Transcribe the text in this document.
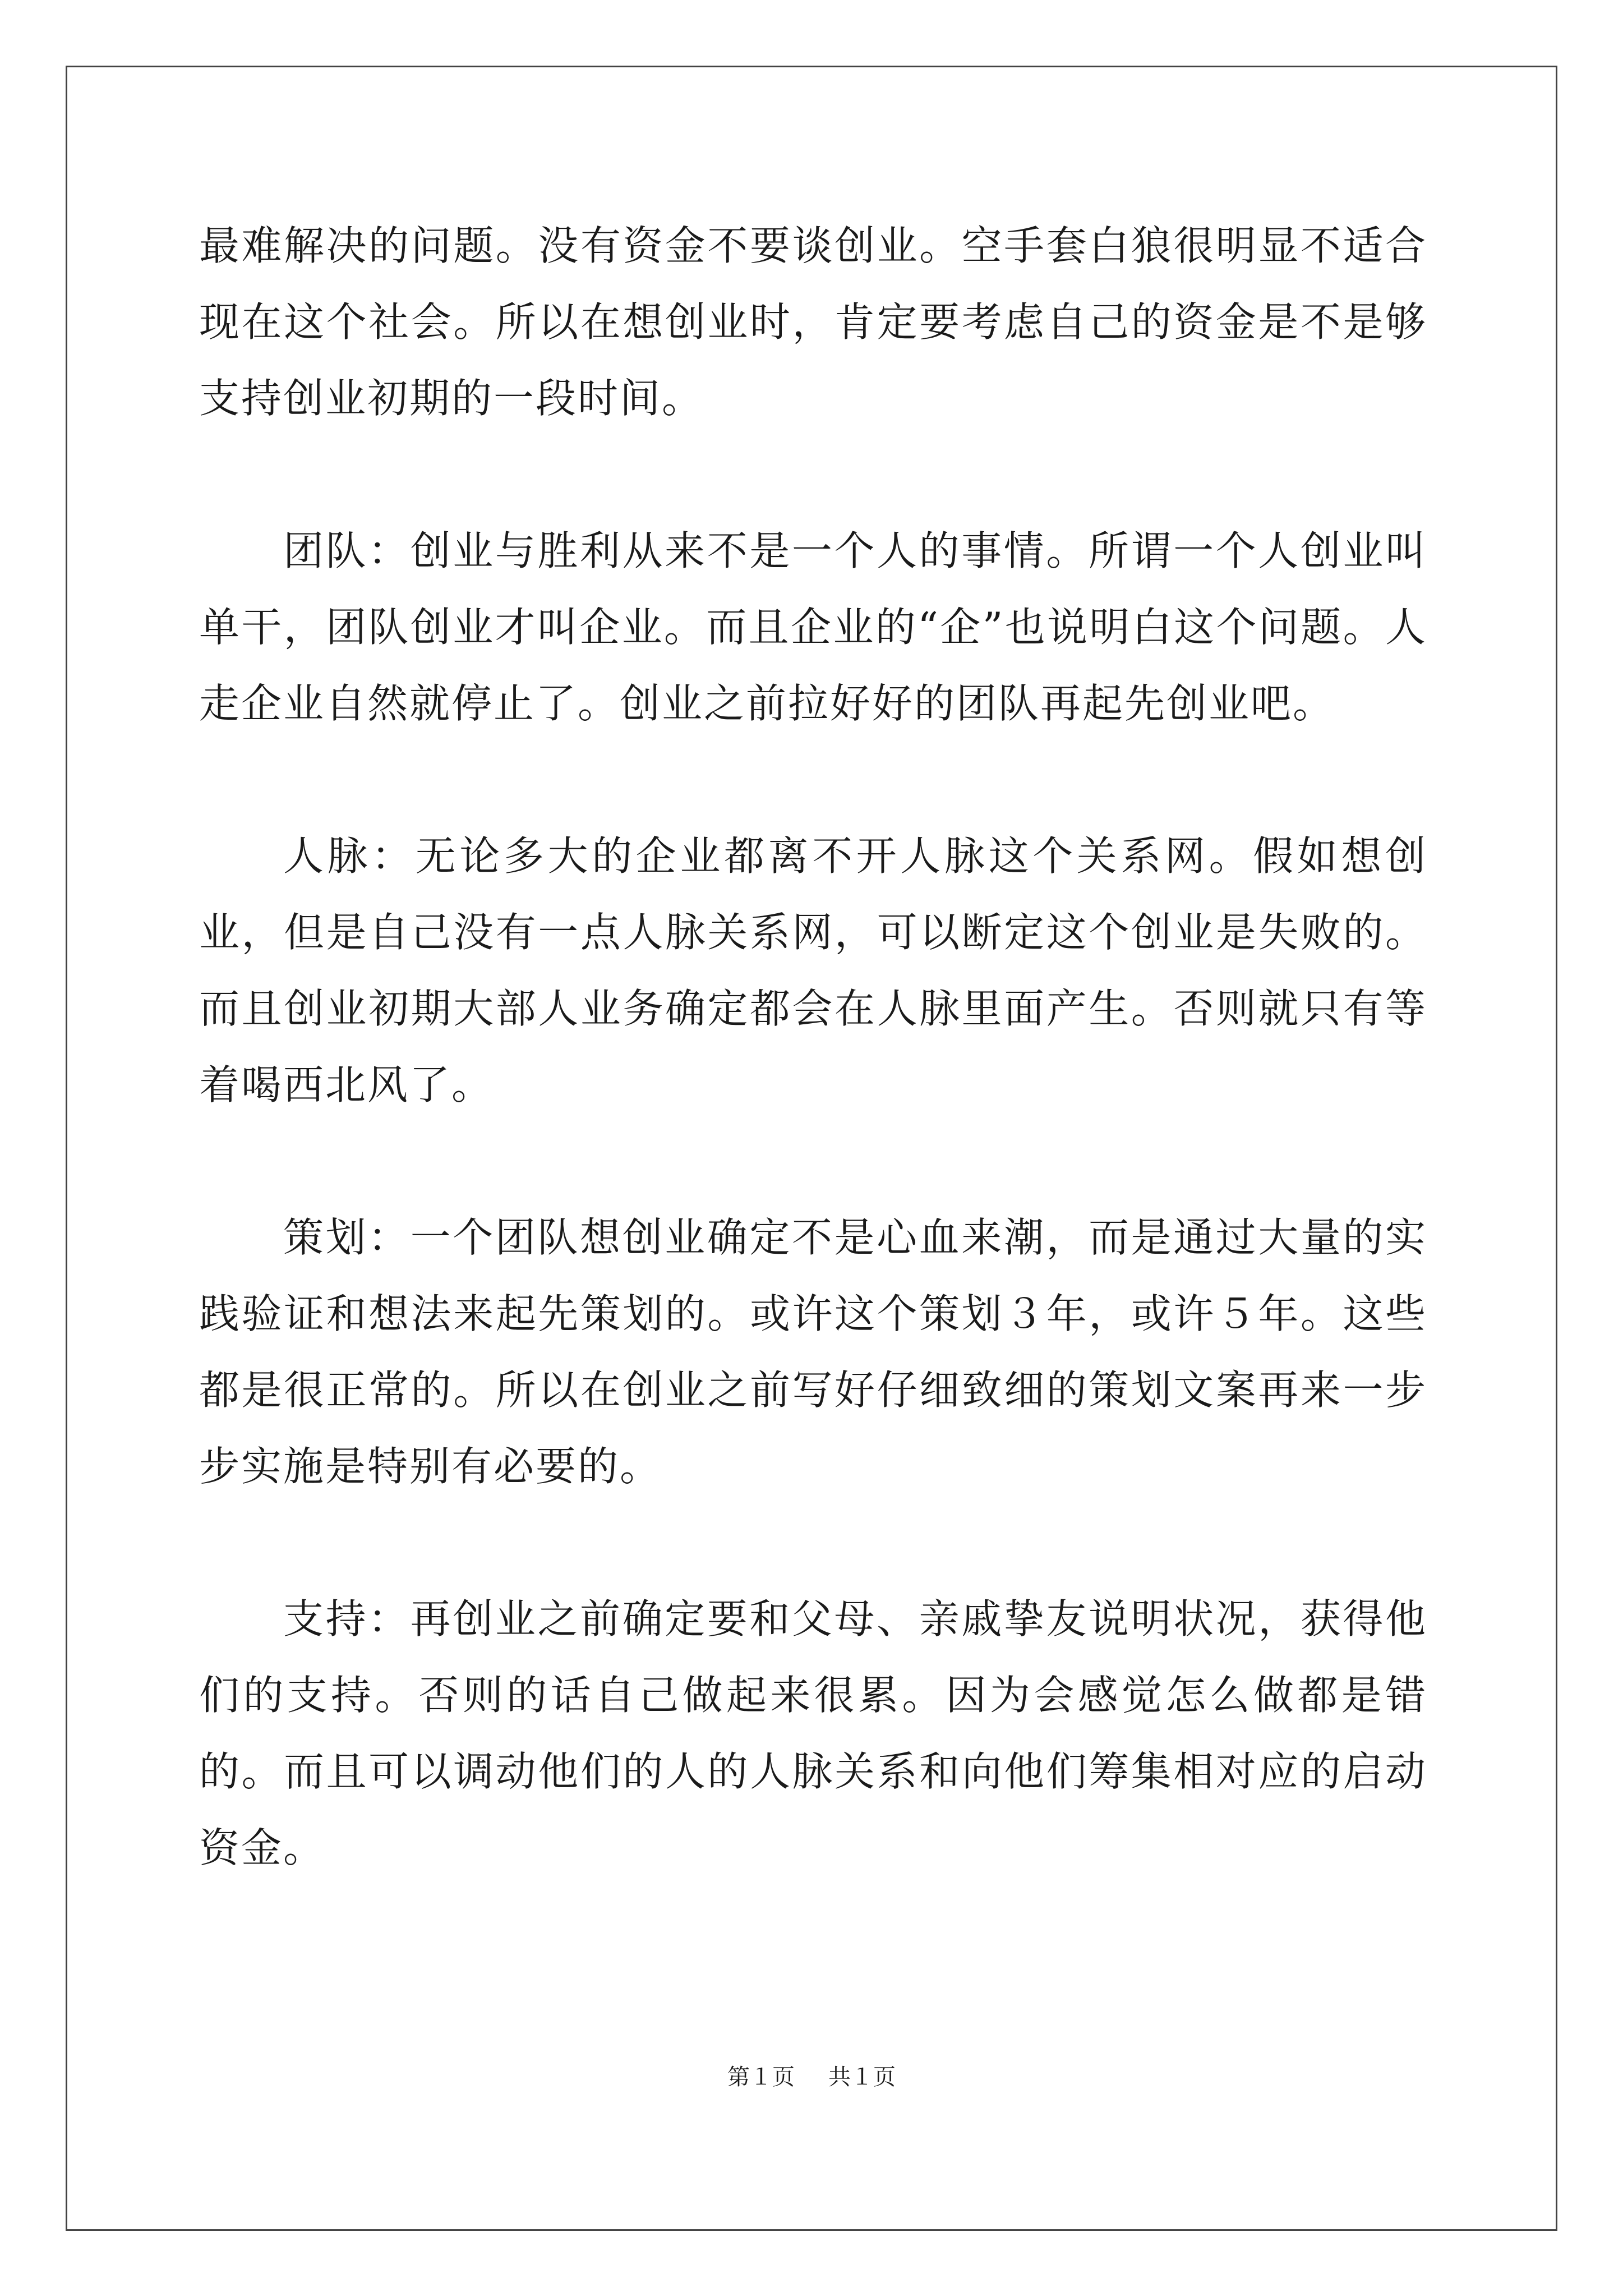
最难解决的问题。没有资金不要谈创业。空手套白狼很明显不适合现在这个社会。所以在想创业时，肯定要考虑自己的资金是不是够支持创业初期的一段时间。

团队：创业与胜利从来不是一个人的事情。所谓一个人创业叫单干，团队创业才叫企业。而且企业的“企”也说明白这个问题。人走企业自然就停止了。创业之前拉好好的团队再起先创业吧。

人脉：无论多大的企业都离不开人脉这个关系网。假如想创业，但是自己没有一点人脉关系网，可以断定这个创业是失败的。而且创业初期大部人业务确定都会在人脉里面产生。否则就只有等着喝西北风了。

策划：一个团队想创业确定不是心血来潮，而是通过大量的实践验证和想法来起先策划的。或许这个策划３年，或许５年。这些都是很正常的。所以在创业之前写好仔细致细的策划文案再来一步步实施是特别有必要的。

支持：再创业之前确定要和父母、亲戚挚友说明状况，获得他们的支持。否则的话自己做起来很累。因为会感觉怎么做都是错的。而且可以调动他们的人的人脉关系和向他们筹集相对应的启动资金。

第１页 共１页
